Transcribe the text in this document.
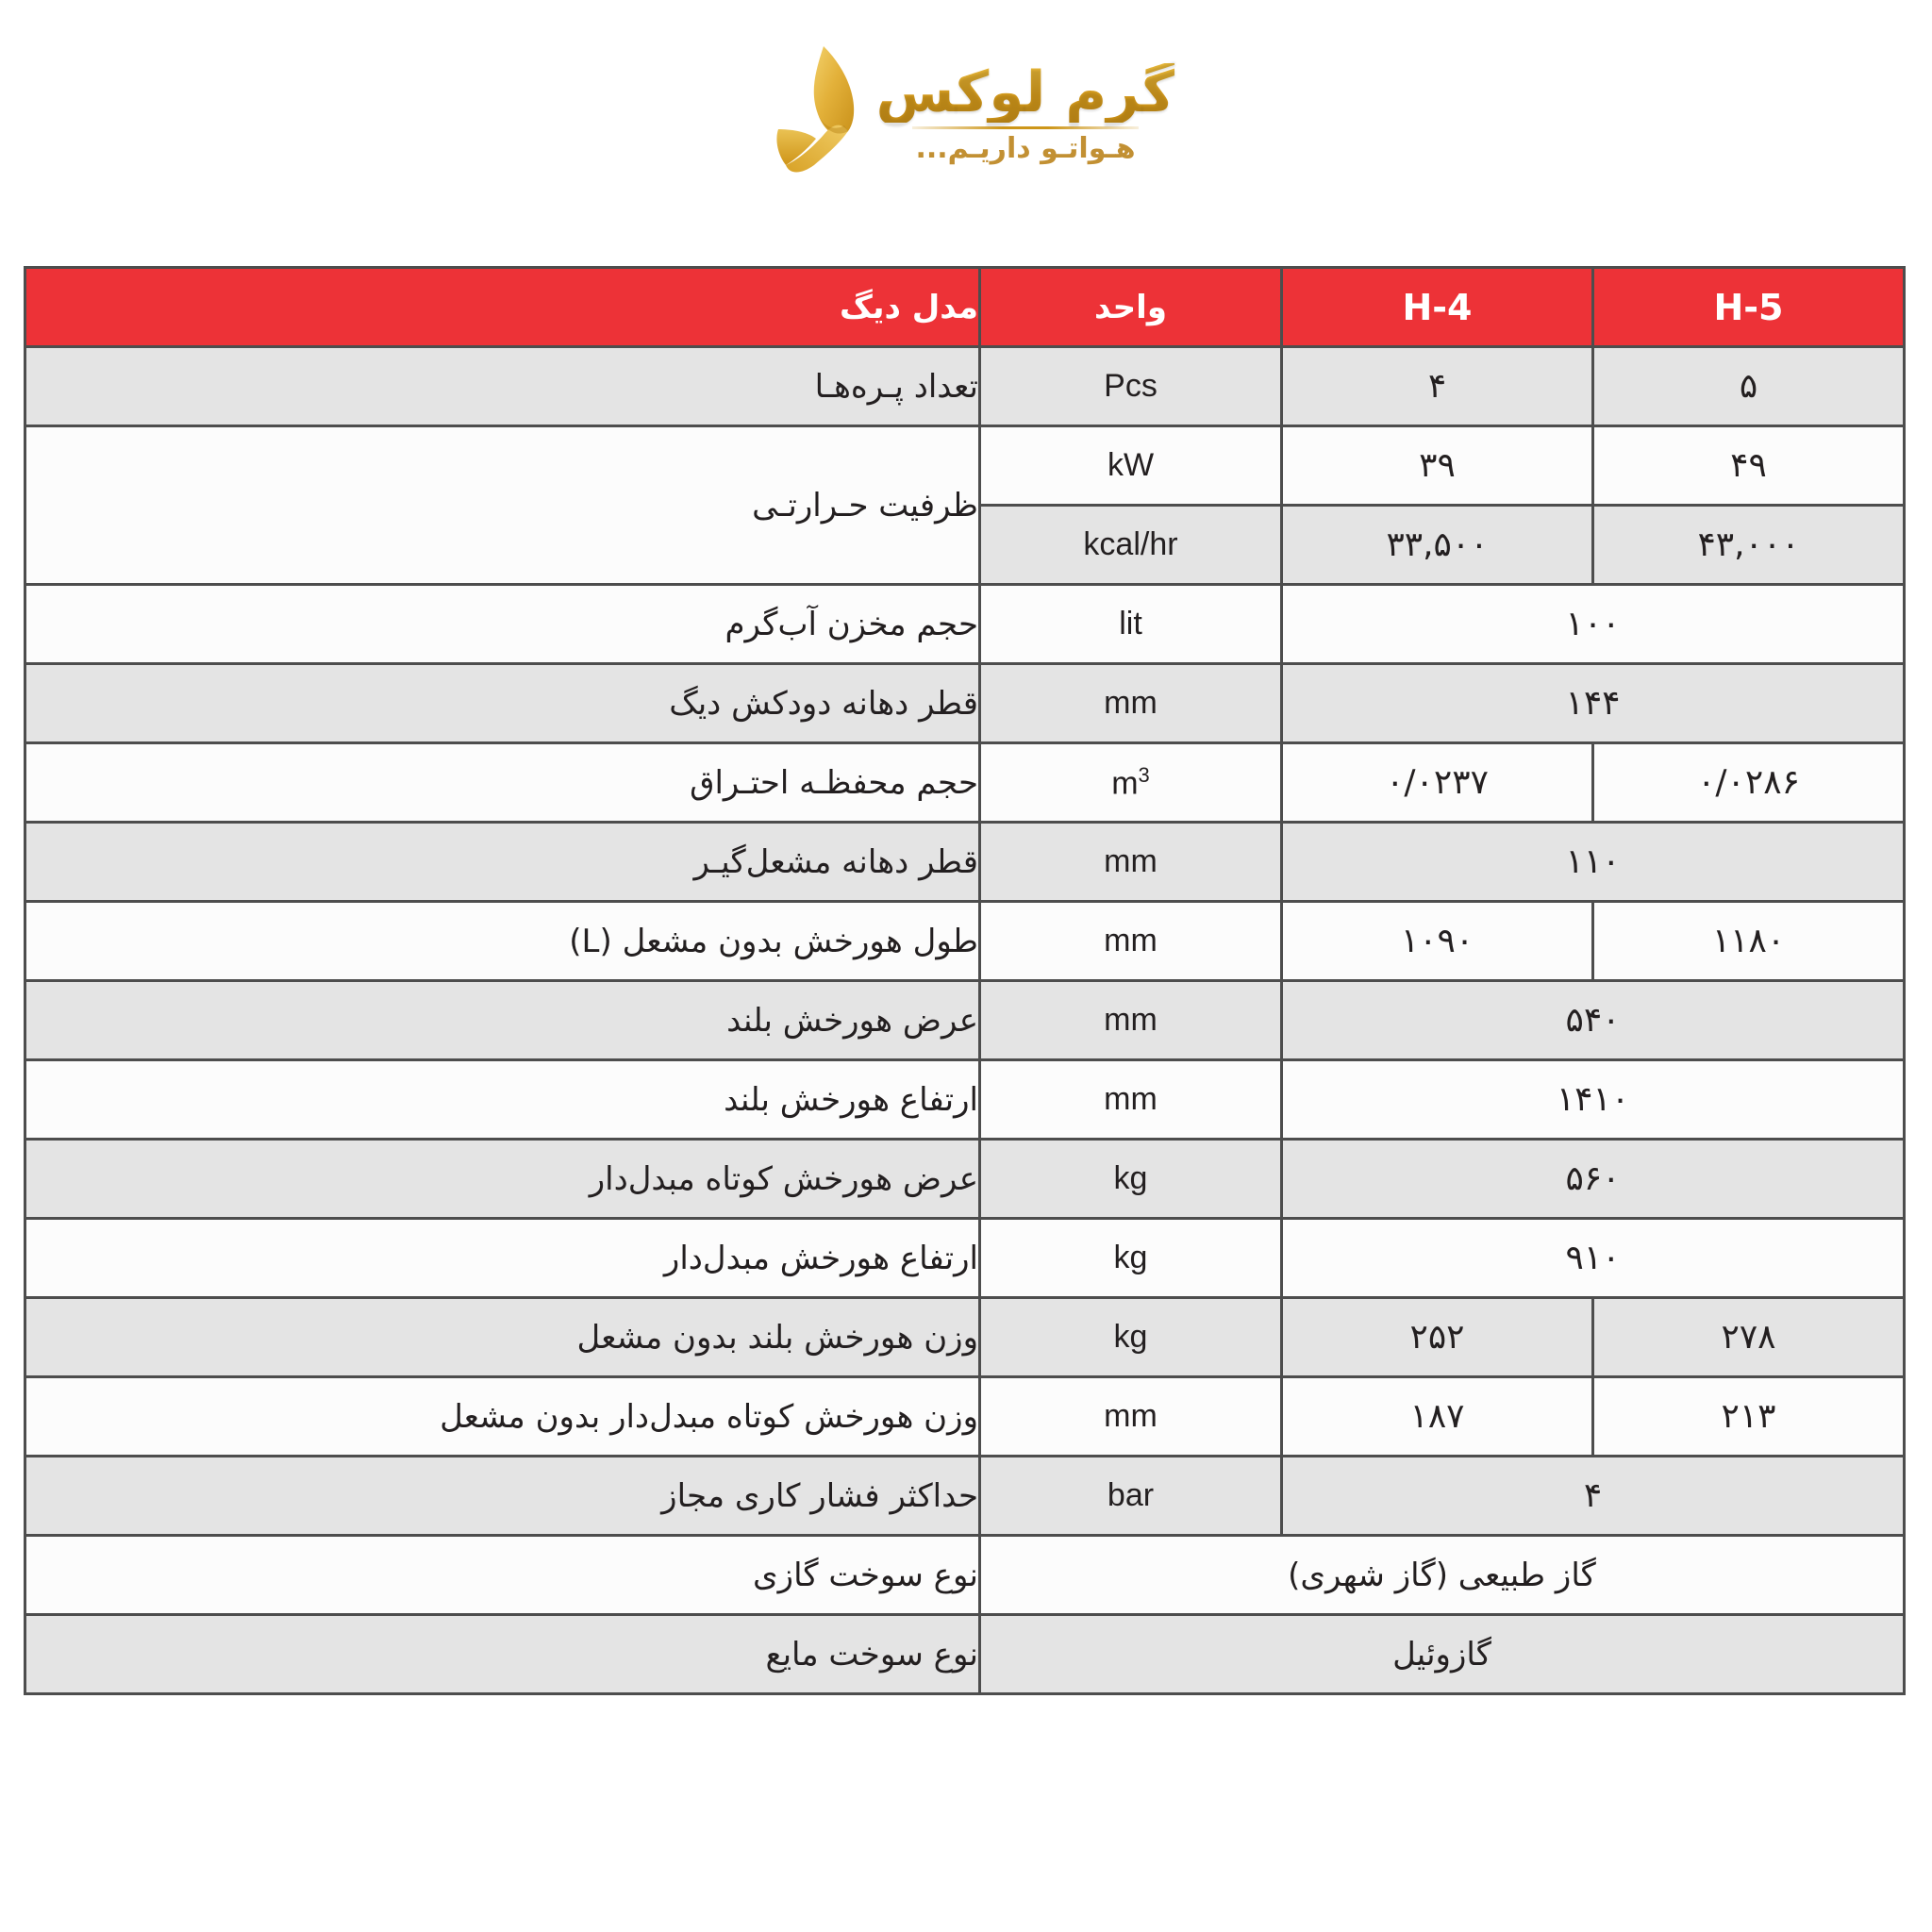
گرم لوکس
هـواتـو داریـم...
H-5	H-4	واحد	مدل دیگ
۵	۴	Pcs	تعداد پـره‌هـا
۴۹	۳۹	kW	ظرفیت حـرارتـی
۴۳,۰۰۰	۳۳,۵۰۰	kcal/hr	
۱۰۰		lit	حجم مخزن آب‌گرم
۱۴۴		mm	قطر دهانه دودکش دیگ
۰/۰۲۸۶	۰/۰۲۳۷	$m^3$	حجم محفظـه احتـراق
۱۱۰		mm	قطر دهانه مشعل‌گیـر
۱۱۸۰	۱۰۹۰	mm	طول هورخش بدون مشعل (L)
۵۴۰		mm	عرض هورخش بلند
۱۴۱۰		mm	ارتفاع هورخش بلند
۵۶۰		kg	عرض هورخش کوتاه مبدل‌دار
۹۱۰		kg	ارتفاع هورخش مبدل‌دار
۲۷۸	۲۵۲	kg	وزن هورخش بلند بدون مشعل
۲۱۳	۱۸۷	mm	وزن هورخش کوتاه مبدل‌دار بدون مشعل
۴		bar	حداکثر فشار کاری مجاز
گاز طبیعی (گاز شهری)			نوع سوخت گازی
گازوئیل			نوع سوخت مایع
